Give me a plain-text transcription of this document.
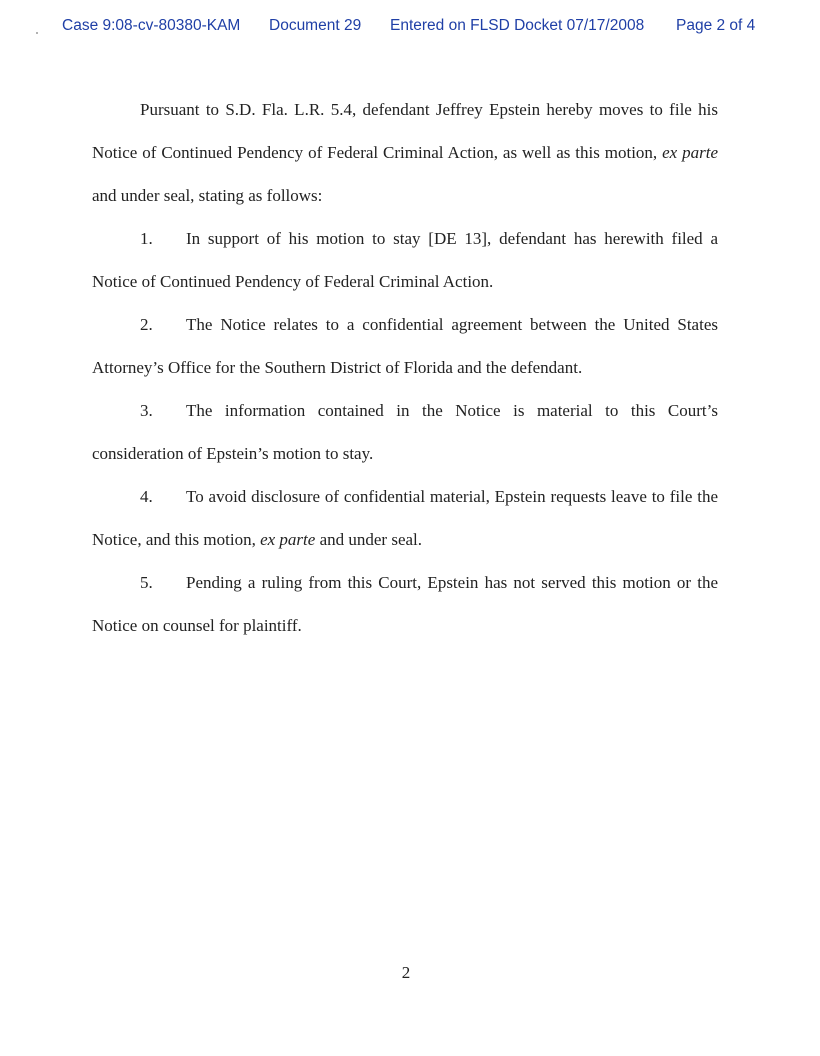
Case 9:08-cv-80380-KAM Document 29 Entered on FLSD Docket 07/17/2008 Page 2 of 4

Pursuant to S.D. Fla. L.R. 5.4, defendant Jeffrey Epstein hereby moves to file his Notice of Continued Pendency of Federal Criminal Action, as well as this motion, ex parte and under seal, stating as follows:

1. In support of his motion to stay [DE 13], defendant has herewith filed a Notice of Continued Pendency of Federal Criminal Action.

2. The Notice relates to a confidential agreement between the United States Attorney’s Office for the Southern District of Florida and the defendant.

3. The information contained in the Notice is material to this Court’s consideration of Epstein’s motion to stay.

4. To avoid disclosure of confidential material, Epstein requests leave to file the Notice, and this motion, ex parte and under seal.

5. Pending a ruling from this Court, Epstein has not served this motion or the Notice on counsel for plaintiff.

2
